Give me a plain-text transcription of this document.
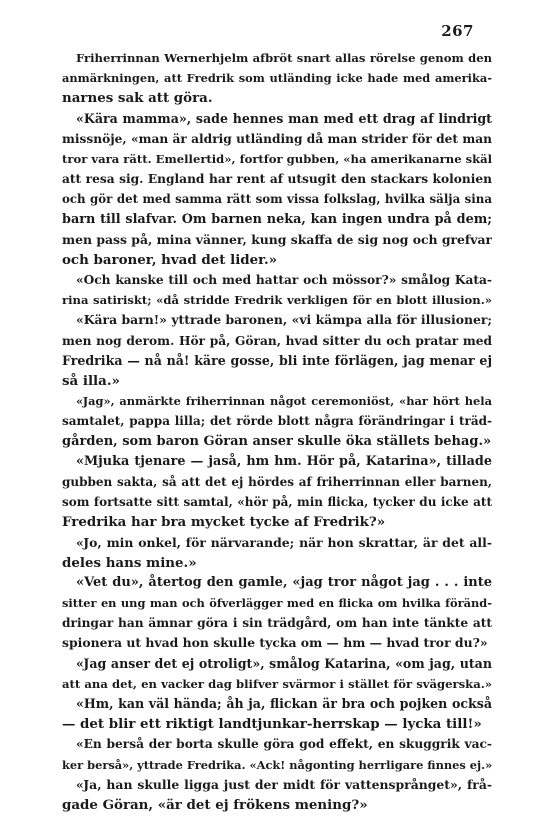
267
Friherrinnan Wernerhjelm afbröt snart allas rörelse genom den
anmärkningen, att Fredrik som utländing icke hade med amerika-
narnes sak att göra.
«Kära mamma», sade hennes man med ett drag af lindrigt
missnöje, «man är aldrig utländing då man strider för det man
tror vara rätt. Emellertid», fortfor gubben, «ha amerikanarne skäl
att resa sig. England har rent af utsugit den stackars kolonien
och gör det med samma rätt som vissa folkslag, hvilka sälja sina
barn till slafvar. Om barnen neka, kan ingen undra på dem;
men pass på, mina vänner, kung skaffa de sig nog och grefvar
och baroner, hvad det lider.»
«Och kanske till och med hattar och mössor?» smålog Kata-
rina satiriskt; «då stridde Fredrik verkligen för en blott illusion.»
«Kära barn!» yttrade baronen, «vi kämpa alla för illusioner;
men nog derom. Hör på, Göran, hvad sitter du och pratar med
Fredrika — nå nå! käre gosse, bli inte förlägen, jag menar ej
så illa.»
«Jag», anmärkte friherrinnan något ceremoniöst, «har hört hela
samtalet, pappa lilla; det rörde blott några förändringar i träd-
gården, som baron Göran anser skulle öka ställets behag.»
«Mjuka tjenare — jaså, hm hm. Hör på, Katarina», tillade
gubben sakta, så att det ej hördes af friherrinnan eller barnen,
som fortsatte sitt samtal, «hör på, min flicka, tycker du icke att
Fredrika har bra mycket tycke af Fredrik?»
«Jo, min onkel, för närvarande; när hon skrattar, är det all-
deles hans mine.»
«Vet du», återtog den gamle, «jag tror något jag . . . inte
sitter en ung man och öfverlägger med en flicka om hvilka föränd-
dringar han ämnar göra i sin trädgård, om han inte tänkte att
spionera ut hvad hon skulle tycka om — hm — hvad tror du?»
«Jag anser det ej otroligt», smålog Katarina, «om jag, utan
att ana det, en vacker dag blifver svärmor i stället för svägerska.»
«Hm, kan väl hända; åh ja, flickan är bra och pojken också
— det blir ett riktigt landtjunkar-herrskap — lycka till!»
«En berså der borta skulle göra god effekt, en skuggrik vac-
ker berså», yttrade Fredrika. «Ack! någonting herrligare finnes ej.»
«Ja, han skulle ligga just der midt för vattensprånget», frå-
gade Göran, «är det ej frökens mening?»
